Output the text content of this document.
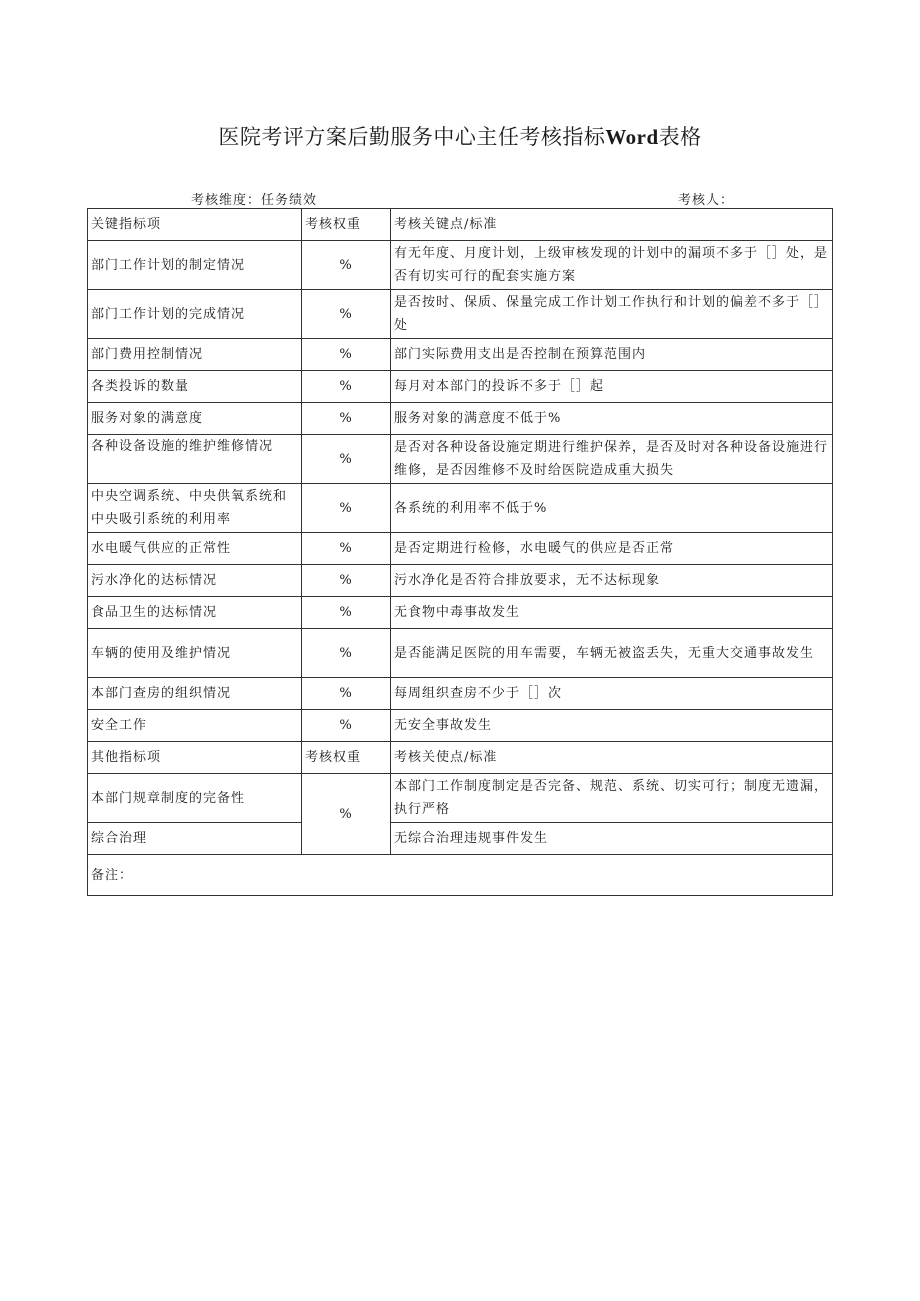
医院考评方案后勤服务中心主任考核指标Word表格
考核维度：任务绩效	考核人：
关键指标项	考核权重	考核关键点/标准
部门工作计划的制定情况	%	有无年度、月度计划，上级审核发现的计划中的漏项不多于［］处，是否有切实可行的配套实施方案
部门工作计划的完成情况	%	是否按时、保质、保量完成工作计划工作执行和计划的偏差不多于［］处
部门费用控制情况	%	部门实际费用支出是否控制在预算范围内
各类投诉的数量	%	每月对本部门的投诉不多于［］起
服务对象的满意度	%	服务对象的满意度不低于%
各种设备设施的维护维修情况	%	是否对各种设备设施定期进行维护保养，是否及时对各种设备设施进行维修，是否因维修不及时给医院造成重大损失
中央空调系统、中央供氧系统和中央吸引系统的利用率	%	各系统的利用率不低于%
水电暖气供应的正常性	%	是否定期进行检修，水电暖气的供应是否正常
污水净化的达标情况	%	污水净化是否符合排放要求，无不达标现象
食品卫生的达标情况	%	无食物中毒事故发生
车辆的使用及维护情况	%	是否能满足医院的用车需要，车辆无被盗丢失，无重大交通事故发生
本部门查房的组织情况	%	每周组织查房不少于［］次
安全工作	%	无安全事故发生
其他指标项	考核权重	考核关使点/标准
本部门规章制度的完备性	%	本部门工作制度制定是否完备、规范、系统、切实可行；制度无遗漏，执行严格
综合治理		无综合治理违规事件发生
备注：		
